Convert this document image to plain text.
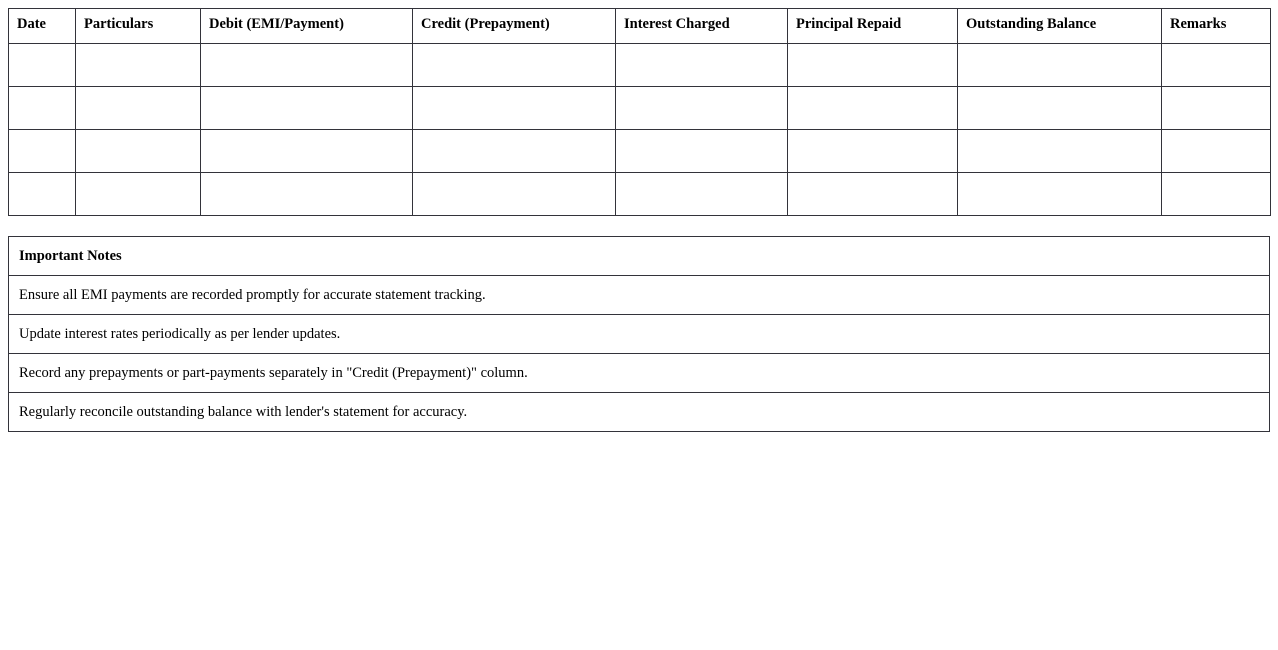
Date	Particulars	Debit (EMI/Payment)	Credit (Prepayment)	Interest Charged	Principal Repaid	Outstanding Balance	Remarks

Important Notes
Ensure all EMI payments are recorded promptly for accurate statement tracking.
Update interest rates periodically as per lender updates.
Record any prepayments or part-payments separately in "Credit (Prepayment)" column.
Regularly reconcile outstanding balance with lender's statement for accuracy.
